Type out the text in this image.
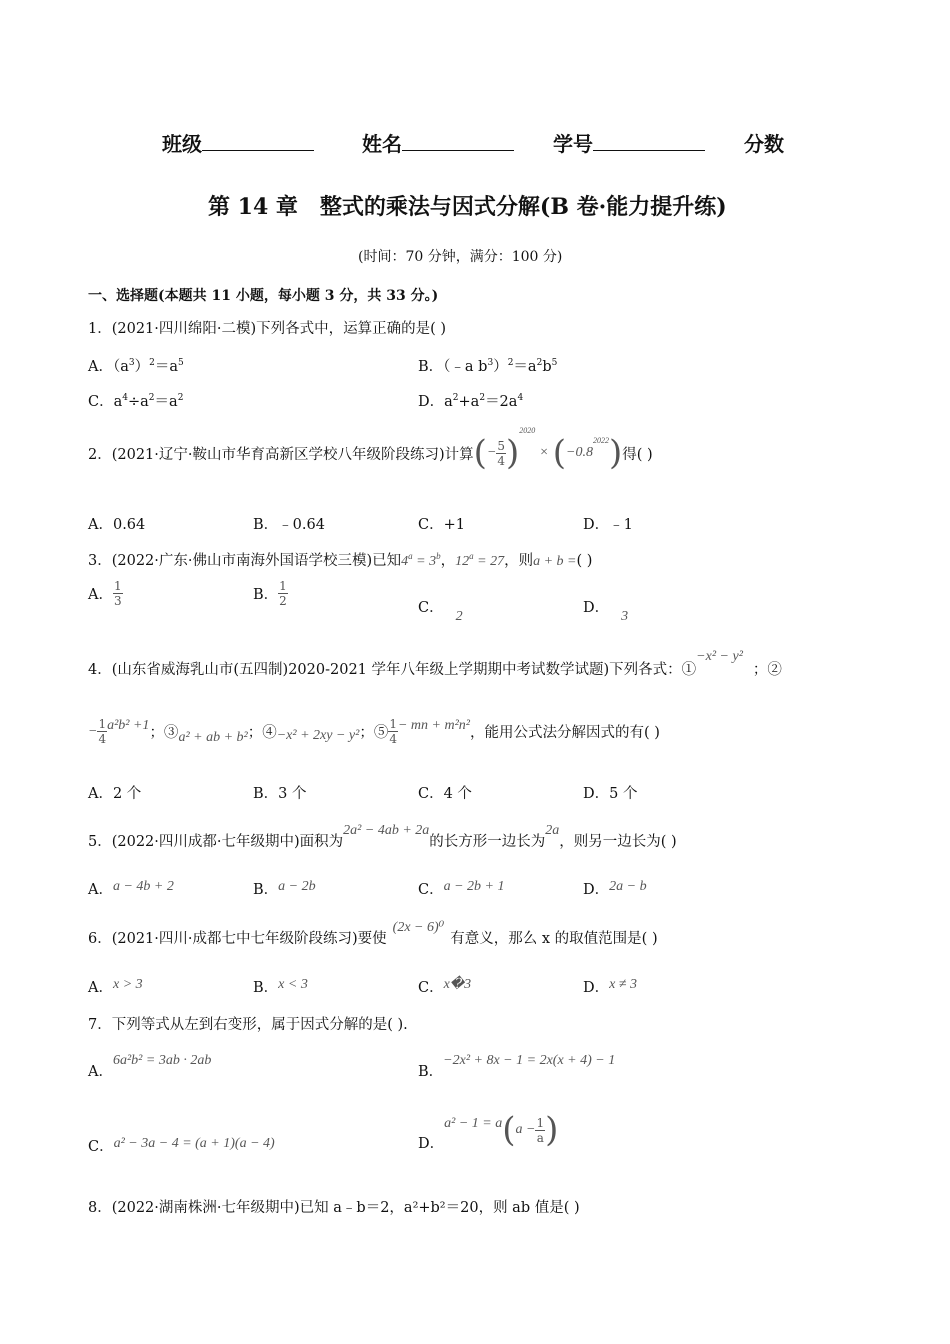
班级	姓名	学号	分数
第 14 章　整式的乘法与因式分解(B 卷·能力提升练)
(时间：70 分钟，满分：100 分)
一、选择题(本题共 11 小题，每小题 3 分，共 33 分。)
1．(2021·四川绵阳·二模)下列各式中，运算正确的是( )
A．$(a^3)^2=a^5$	B．（﹣a $b^3)^2=a^2b^5$
C．$a^4\div a^2=a^2$	D．$a^2+a^2=2a^4$
2．(2021·辽宁·鞍山市华育高新区学校八年级阶段练习)计算 ( − $\frac{5}{4}$ )
2020
× ( −0.8
2022 ) 得( )
A．0.64	B．﹣0.64	C．+1	D．﹣1
3．(2022·广东·佛山市南海外国语学校三模)已知$4^a = 3^b$，$12^a = 27$，则a + b =( )
A． $\frac{1}{3}$	B． $\frac{1}{2}$
C．2
D．3
4．(山东省威海乳山市(五四制)2020-2021 学年八年级上学期期中考试数学试题)下列各式：①−x² − y²；②
− $\frac{1}{4} a^2b^2 +1$ ；③ a² + ab + b² ；④ −x² + 2xy − y² ；⑤ $\frac{1}{4}$ − mn + m²n² ，能用公式法分解因式的有( )
A．2 个	B．3 个	C．4 个	D．5 个
5．(2022·四川成都·七年级期中)面积为2a² − 4ab + 2a的长方形一边长为2a，则另一边长为( )
A．a − 4b + 2	B．a − 2b	C．a − 2b + 1	D．2a − b
6．(2021·四川·成都七中七年级阶段练习)要使(2x − 6)⁰有意义，那么 x 的取值范围是( )
A．x > 3	B．x < 3	C．x�3	D．x ≠ 3
7．下列等式从左到右变形，属于因式分解的是( ).
A．6a²b² = 3ab · 2ab
B．−2x² + 8x − 1 = 2x(x + 4) − 1
C．a² − 3a − 4 = (a + 1)(a − 4)	D．
a² − 1 = a ( $a - \frac{1}{a}$ )
8．(2022·湖南株洲·七年级期中)已知 a﹣b＝2，a²+b²＝20，则 ab 值是( )
